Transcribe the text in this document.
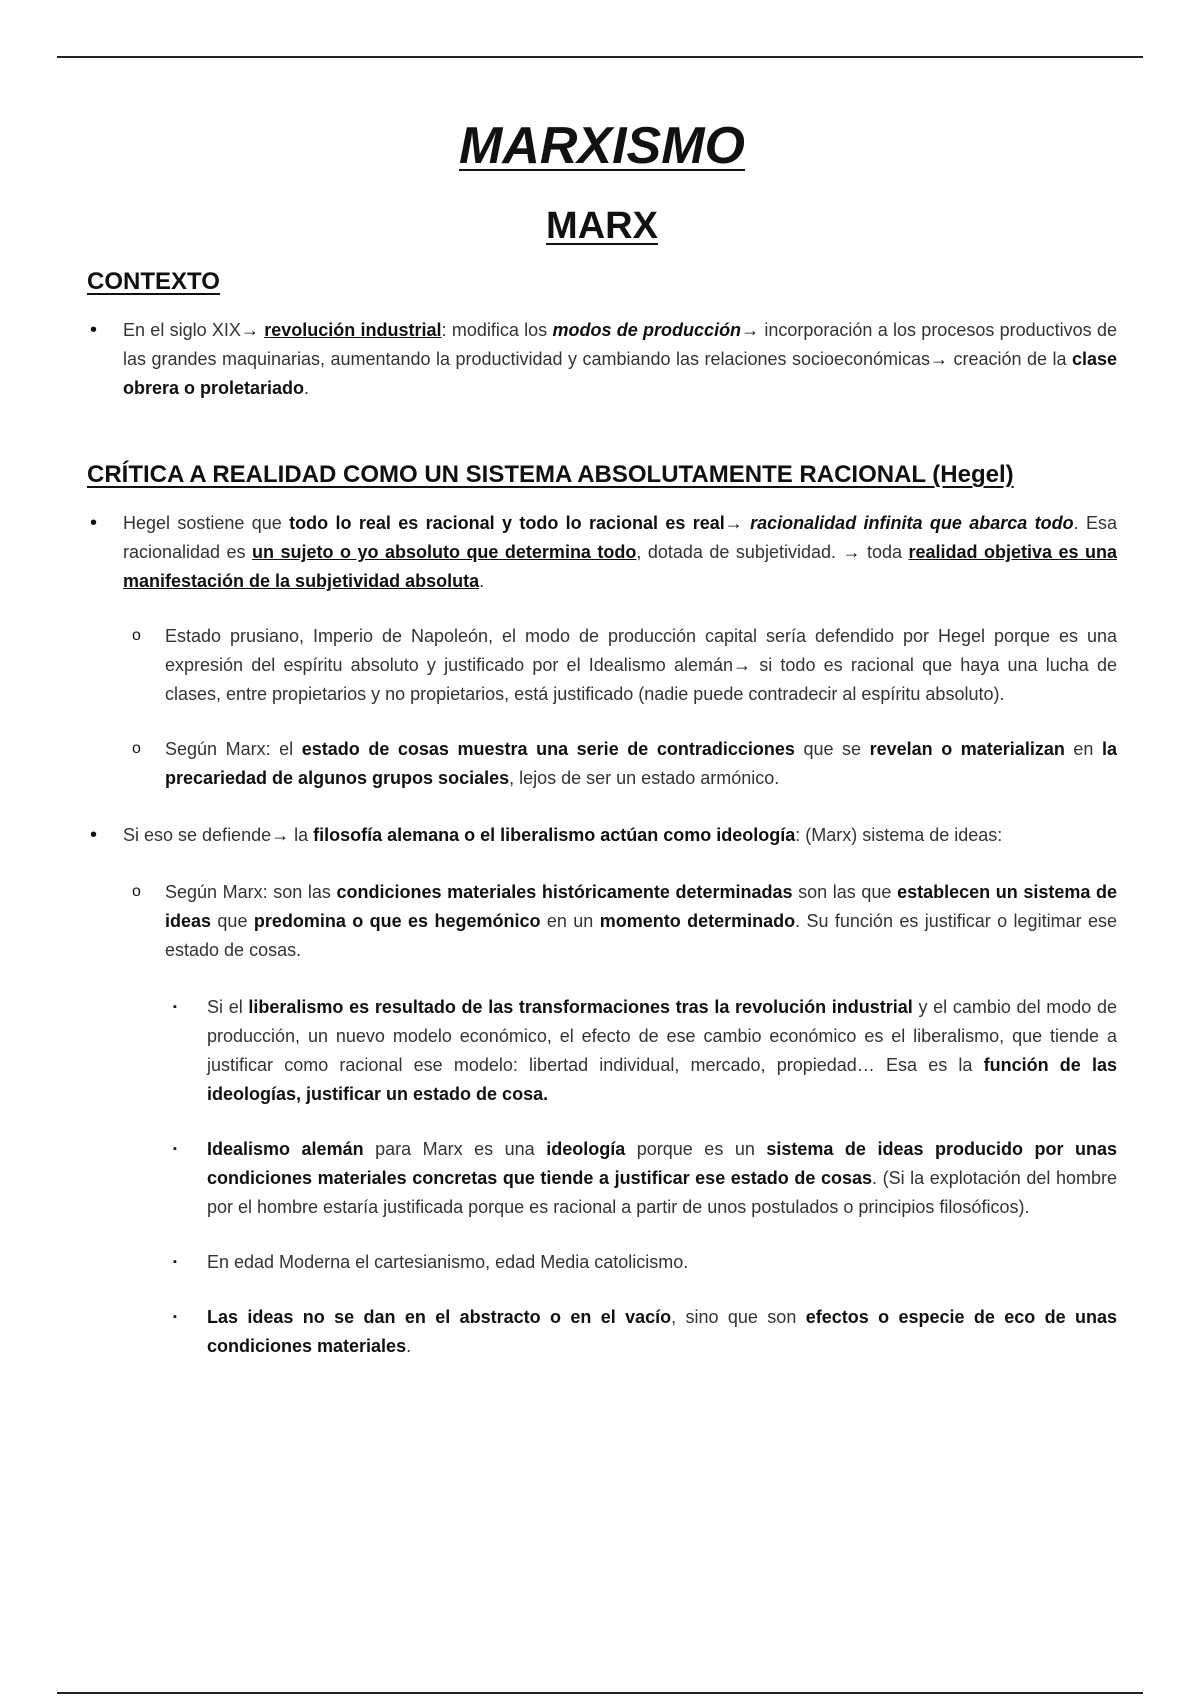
MARXISMO
MARX
CONTEXTO
• En el siglo XIX→ revolución industrial: modifica los modos de producción→ incorporación a los procesos productivos de las grandes maquinarias, aumentando la productividad y cambiando las relaciones socioeconómicas→ creación de la clase obrera o proletariado.
CRÍTICA A REALIDAD COMO UN SISTEMA ABSOLUTAMENTE RACIONAL (Hegel)
• Hegel sostiene que todo lo real es racional y todo lo racional es real→ racionalidad infinita que abarca todo. Esa racionalidad es un sujeto o yo absoluto que determina todo, dotada de subjetividad. → toda realidad objetiva es una manifestación de la subjetividad absoluta.
o Estado prusiano, Imperio de Napoleón, el modo de producción capital sería defendido por Hegel porque es una expresión del espíritu absoluto y justificado por el Idealismo alemán→ si todo es racional que haya una lucha de clases, entre propietarios y no propietarios, está justificado (nadie puede contradecir al espíritu absoluto).
o Según Marx: el estado de cosas muestra una serie de contradicciones que se revelan o materializan en la precariedad de algunos grupos sociales, lejos de ser un estado armónico.
• Si eso se defiende→ la filosofía alemana o el liberalismo actúan como ideología: (Marx) sistema de ideas:
o Según Marx: son las condiciones materiales históricamente determinadas son las que establecen un sistema de ideas que predomina o que es hegemónico en un momento determinado. Su función es justificar o legitimar ese estado de cosas.
▪ Si el liberalismo es resultado de las transformaciones tras la revolución industrial y el cambio del modo de producción, un nuevo modelo económico, el efecto de ese cambio económico es el liberalismo, que tiende a justificar como racional ese modelo: libertad individual, mercado, propiedad… Esa es la función de las ideologías, justificar un estado de cosa.
▪ Idealismo alemán para Marx es una ideología porque es un sistema de ideas producido por unas condiciones materiales concretas que tiende a justificar ese estado de cosas. (Si la explotación del hombre por el hombre estaría justificada porque es racional a partir de unos postulados o principios filosóficos).
▪ En edad Moderna el cartesianismo, edad Media catolicismo.
▪ Las ideas no se dan en el abstracto o en el vacío, sino que son efectos o especie de eco de unas condiciones materiales.
